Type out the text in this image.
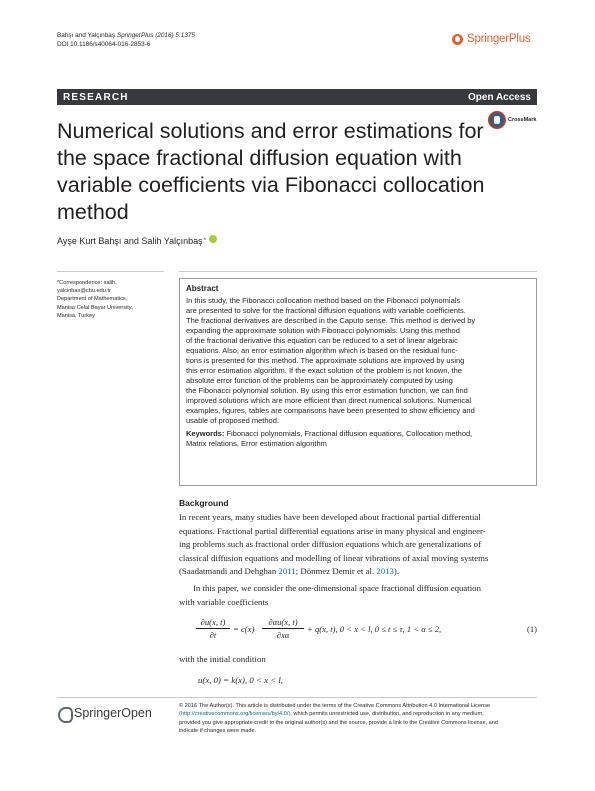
Bahşı and Yalçınbaş SpringerPlus (2016) 5:1375
DOI 10.1186/s40064-016-2853-6	SpringerPlus
RESEARCH	Open Access
CrossMark
Numerical solutions and error estimations for the space fractional diffusion equation with variable coefficients via Fibonacci collocation method
Ayşe Kurt Bahşı and Salih Yalçınbaş *
*Correspondence: salih.
yalcinbas@cbu.edu.tr
Department of Mathematics,
Manisa Celal Bayar University,
Manisa, Turkey
Abstract
In this study, the Fibonacci collocation method based on the Fibonacci polynomials
are presented to solve for the fractional diffusion equations with variable coefficients.
The fractional derivatives are described in the Caputo sense. This method is derived by
expanding the approximate solution with Fibonacci polynomials. Using this method
of the fractional derivative this equation can be reduced to a set of linear algebraic
equations. Also, an error estimation algorithm which is based on the residual func-
tions is presented for this method. The approximate solutions are improved by using
this error estimation algorithm. If the exact solution of the problem is not known, the
absolute error function of the problems can be approximately computed by using
the Fibonacci polynomial solution. By using this error estimation function, we can find
improved solutions which are more efficient than direct numerical solutions. Numerical
examples, figures, tables are comparisons have been presented to show efficiency and
usable of proposed method.
Keywords: Fibonacci polynomials, Fractional diffusion equations, Collocation method,
Matrix relations, Error estimation algorithm
Background
In recent years, many studies have been developed about fractional partial differential
equations. Fractional partial differential equations arise in many physical and engineer-
ing problems such as fractional order diffusion equations which are generalizations of
classical diffusion equations and modelling of linear vibrations of axial moving systems
(Saadatmandi and Dehghan 2011; Dönmez Demir et al. 2013).
In this paper, we consider the one-dimensional space fractional diffusion equation
with variable coefficients
$\frac{\partial u(x, t)}{\partial t} = c(x) \frac{\partial\alpha u(x, t)}{\partial x\alpha} + q(x$, t), 0 < x < l, 0 ≤ t ≤ τ, 1 < α ≤ 2,	(1)
with the initial condition
u(x, 0) = k(x), 0 < x < l,
SpringerOpen	© 2016 The Author(s). This article is distributed under the terms of the Creative Commons Attribution 4.0 International License
(http://creativecommons.org/licenses/by/4.0/), which permits unrestricted use, distribution, and reproduction in any medium,
provided you give appropriate credit to the original author(s) and the source, provide a link to the Creative Commons license, and
indicate if changes were made.
